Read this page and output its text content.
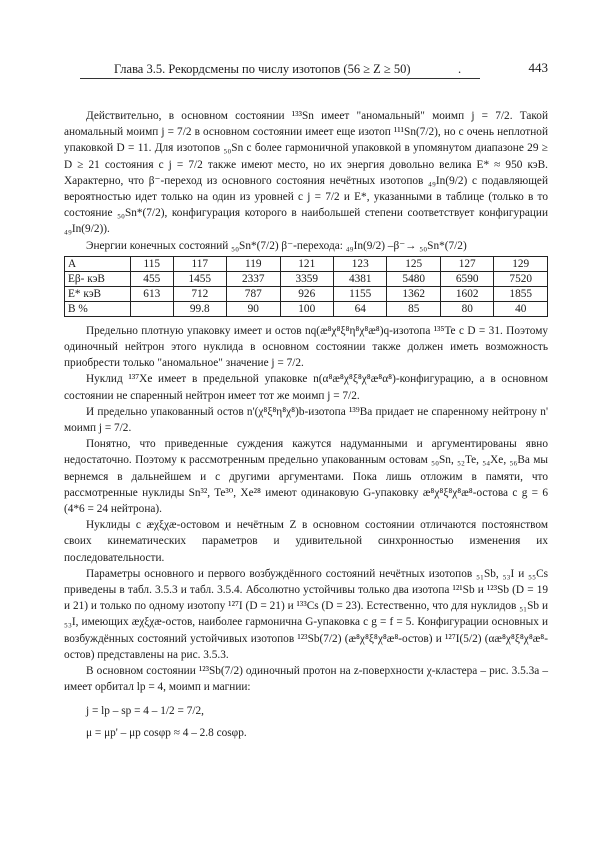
Глава 3.5. Рекордсмены по числу изотопов (56 ≥ Z ≥ 50)	.	443

Действительно, в основном состоянии ¹³³Sn имеет "аномальный" моимп j = 7/2. Такой аномальный моимп j = 7/2 в основном состоянии имеет еще изотоп ¹¹¹Sn(7/2), но с очень неплотной упаковкой D = 11. Для изотопов ₅₀Sn с более гармоничной упаковкой в упомянутом диапазоне 29 ≥ D ≥ 21 состояния с j = 7/2 также имеют место, но их энергия довольно велика E* ≈ 950 кэВ. Характерно, что β⁻-переход из основного состояния нечётных изотопов ₄₉In(9/2) с подавляющей вероятностью идет только на один из уровней c j = 7/2 и E*, указанными в таблице (только в то состояние ₅₀Sn*(7/2), конфигурация которого в наибольшей степени соответствует конфигурации ₄₉In(9/2)).

Энергии конечных состояний ₅₀Sn*(7/2) β⁻-перехода: ₄₉In(9/2) –β⁻→ ₅₀Sn*(7/2)

A	115	117	119	121	123	125	127	129
Eβ- кэВ	455	1455	2337	3359	4381	5480	6590	7520
E* кэВ	613	712	787	926	1155	1362	1602	1855
B %		99.8	90	100	64	85	80	40

Предельно плотную упаковку имеет и остов nq(æ⁸χ⁸ξ⁸η⁸χ⁸æ⁸)q-изотопа ¹³⁵Te с D = 31. Поэтому одиночный нейтрон этого нуклида в основном состоянии также должен иметь возможность приобрести только "аномальное" значение j = 7/2.

Нуклид ¹³⁷Xe имеет в предельной упаковке n(α⁸æ⁸χ⁸ξ⁸χ⁸æ⁸α⁸)-конфигурацию, а в основном состоянии не спаренный нейтрон имеет тот же моимп j = 7/2.

И предельно упакованный остов n'(χ⁸ξ⁸η⁸χ⁸)b-изотопа ¹³⁹Ba придает не спаренному нейтрону n' моимп j = 7/2.

Понятно, что приведенные суждения кажутся надуманными и аргументированы явно недостаточно. Поэтому к рассмотренным предельно упакованным остовам ₅₀Sn, ₅₂Te, ₅₄Xe, ₅₆Ba мы вернемся в дальнейшем и с другими аргументами. Пока лишь отложим в памяти, что рассмотренные нуклиды Sn³², Te³⁰, Xe²⁸ имеют одинаковую G-упаковку æ⁸χ⁸ξ⁸χ⁸æ⁸-остова с g = 6 (4*6 = 24 нейтрона).

Нуклиды с æχξχæ-остовом и нечётным Z в основном состоянии отличаются постоянством своих кинематических параметров и удивительной синхронностью изменения их последовательности.

Параметры основного и первого возбуждённого состояний нечётных изотопов ₅₁Sb, ₅₃I и ₅₅Cs приведены в табл. 3.5.3 и табл. 3.5.4. Абсолютно устойчивы только два изотопа ¹²¹Sb и ¹²³Sb (D = 19 и 21) и только по одному изотопу ¹²⁷I (D = 21) и ¹³³Cs (D = 23). Естественно, что для нуклидов ₅₁Sb и ₅₃I, имеющих æχξχæ-остов, наиболее гармонична G-упаковка с g = f = 5. Конфигурации основных и возбуждённых состояний устойчивых изотопов ¹²³Sb(7/2) (æ⁸χ⁸ξ⁸χ⁸æ⁸-остов) и ¹²⁷I(5/2) (αæ⁸χ⁸ξ⁸χ⁸æ⁸-остов) представлены на рис. 3.5.3.

В основном состоянии ¹²³Sb(7/2) одиночный протон на z-поверхности χ-кластера – рис. 3.5.3а – имеет орбитал lp = 4, моимп и магнии:

j = lp – sp = 4 – 1/2 = 7/2,
μ = μp' – μp cosφp ≈ 4 – 2.8 cosφp.
